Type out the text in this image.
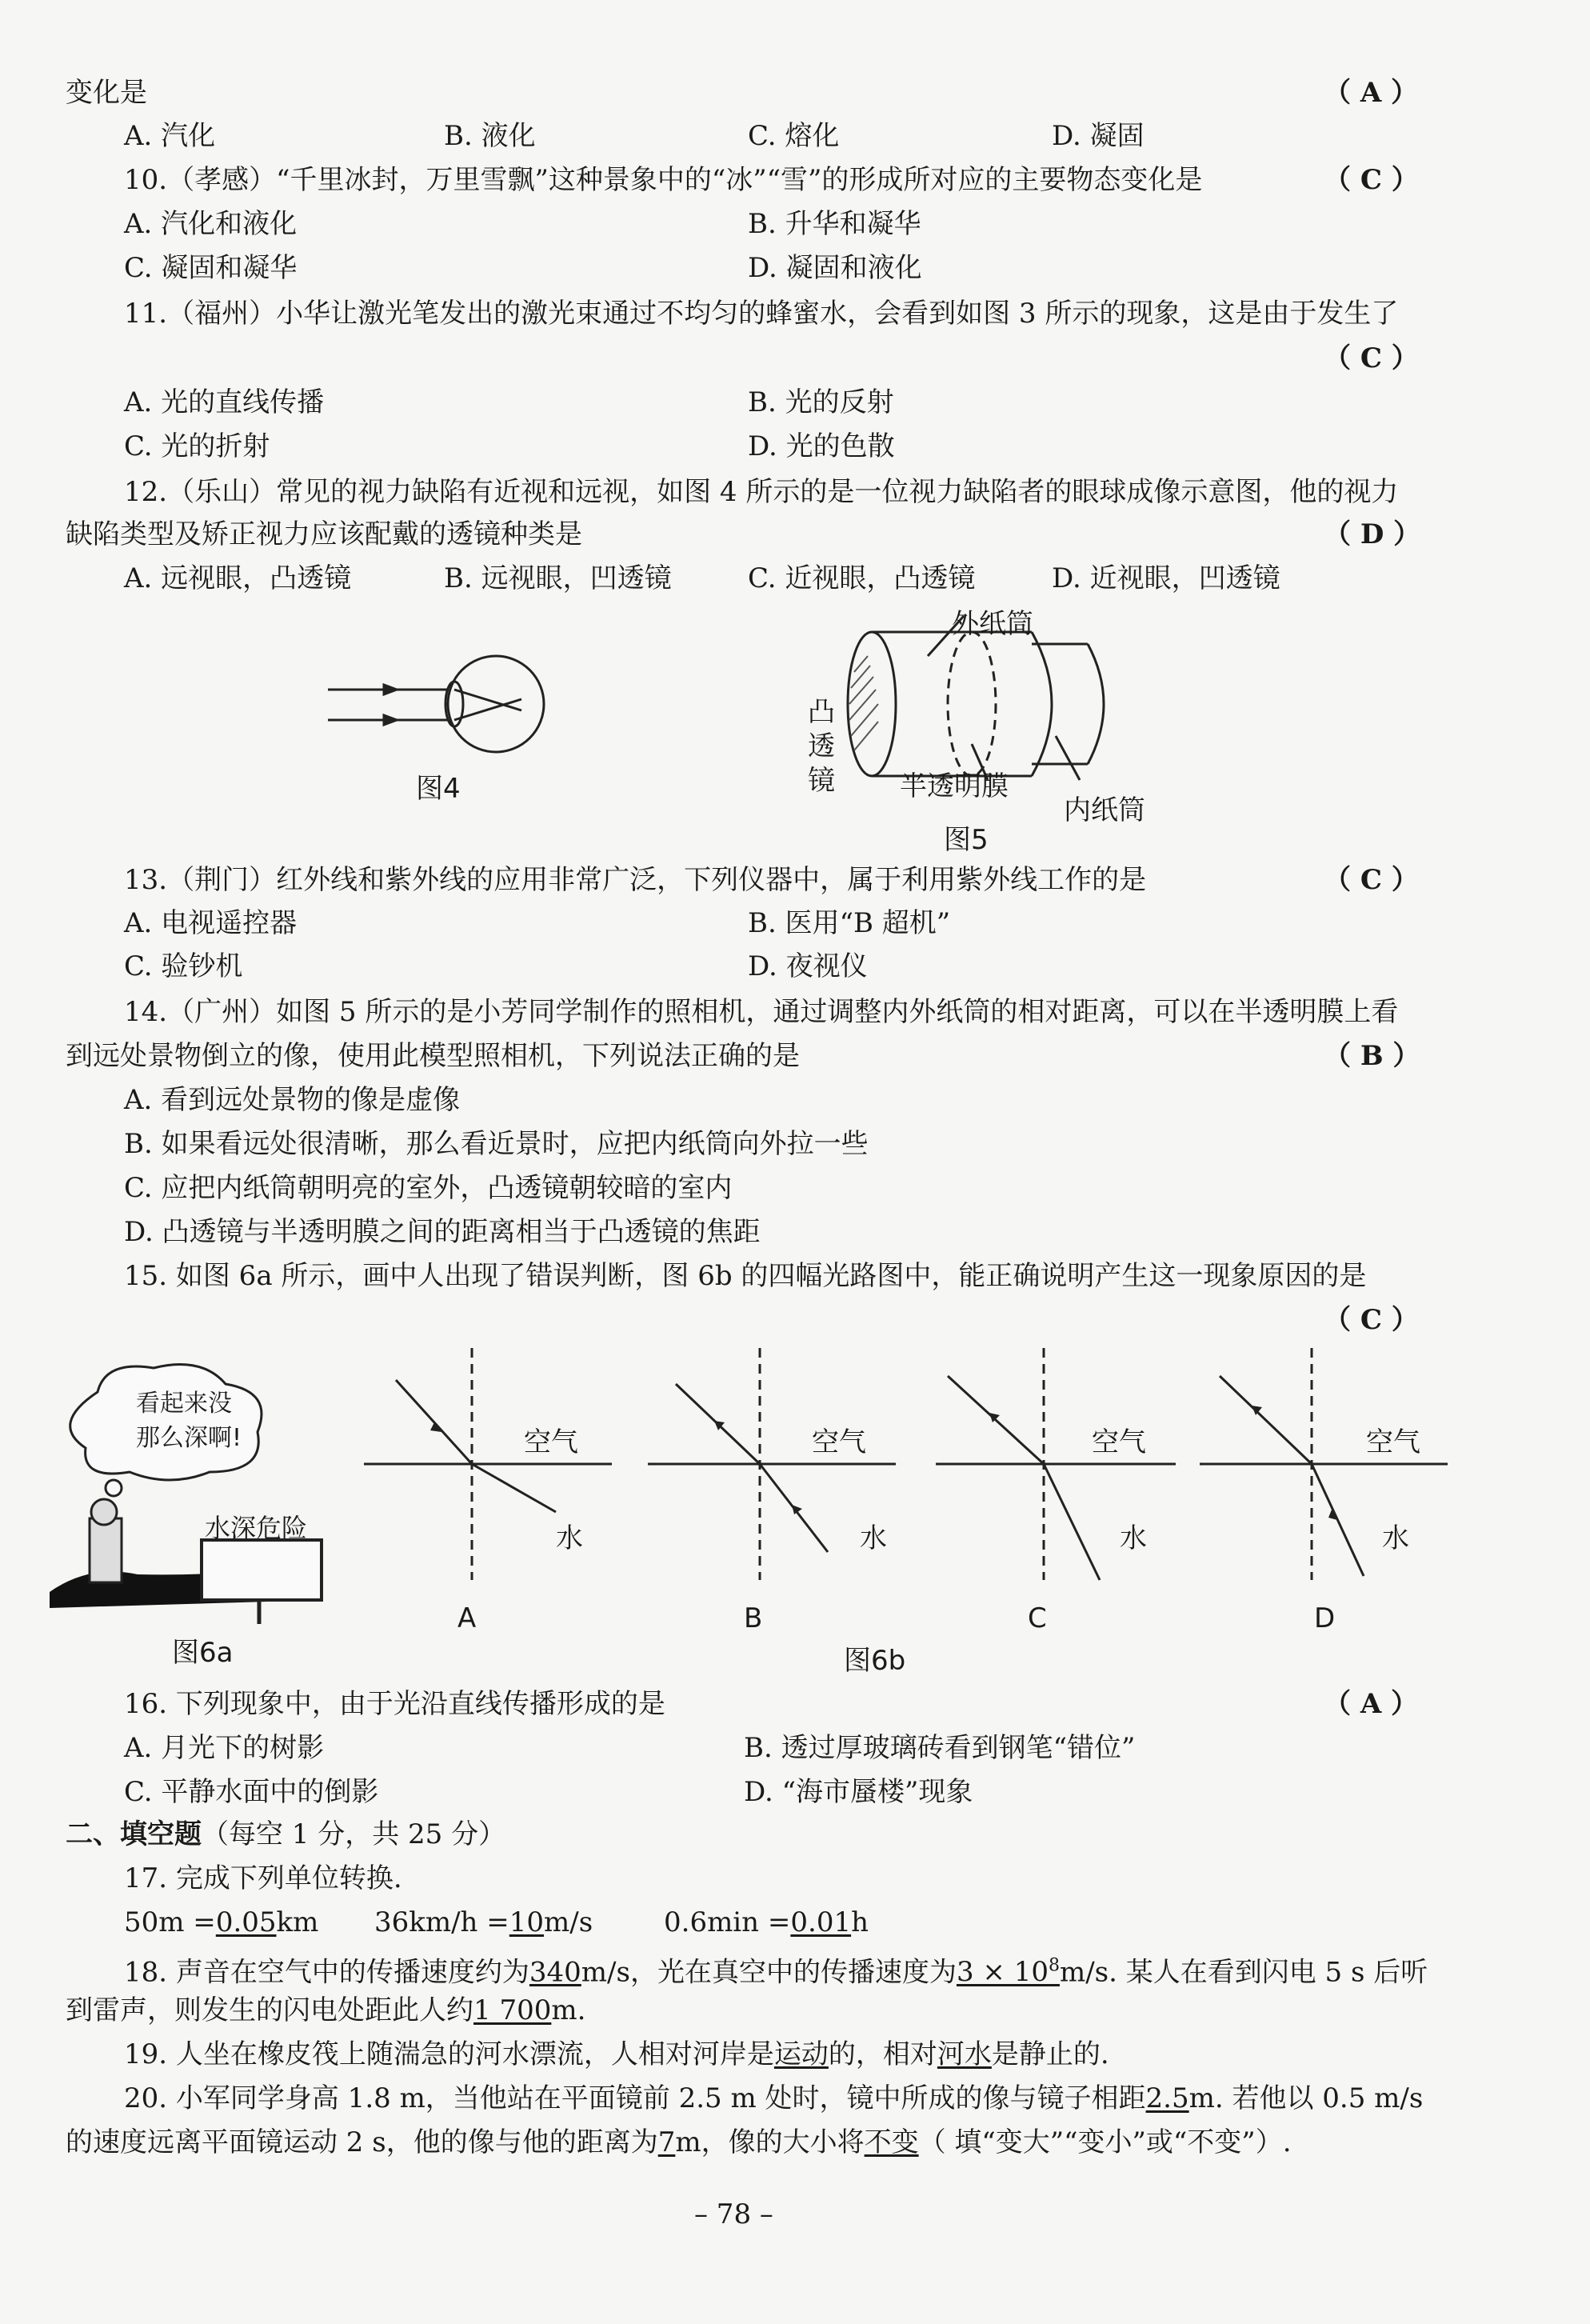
变化是	（ A ）
A. 汽化	B. 液化	C. 熔化	D. 凝固
10.（孝感）“千里冰封，万里雪飘”这种景象中的“冰”“雪”的形成所对应的主要物态变化是	（ C ）
A. 汽化和液化	B. 升华和凝华
C. 凝固和凝华	D. 凝固和液化
11.（福州）小华让激光笔发出的激光束通过不均匀的蜂蜜水，会看到如图 3 所示的现象，这是由于发生了
（ C ）
A. 光的直线传播	B. 光的反射
C. 光的折射	D. 光的色散
12.（乐山）常见的视力缺陷有近视和远视，如图 4 所示的是一位视力缺陷者的眼球成像示意图，他的视力
缺陷类型及矫正视力应该配戴的透镜种类是	（ D ）
A. 远视眼，凸透镜	B. 远视眼，凹透镜	C. 近视眼，凸透镜	D. 近视眼，凹透镜
图4
外纸筒
凸
透
镜 半透明膜
内纸筒
图5
13.（荆门）红外线和紫外线的应用非常广泛，下列仪器中，属于利用紫外线工作的是	（ C ）
A. 电视遥控器	B. 医用“B 超机”
C. 验钞机	D. 夜视仪
14.（广州）如图 5 所示的是小芳同学制作的照相机，通过调整内外纸筒的相对距离，可以在半透明膜上看
到远处景物倒立的像，使用此模型照相机，下列说法正确的是	（ B ）
A. 看到远处景物的像是虚像
B. 如果看远处很清晰，那么看近景时，应把内纸筒向外拉一些
C. 应把内纸筒朝明亮的室外，凸透镜朝较暗的室内
D. 凸透镜与半透明膜之间的距离相当于凸透镜的焦距
15. 如图 6a 所示，画中人出现了错误判断，图 6b 的四幅光路图中，能正确说明产生这一现象原因的是
（ C ）
看起来没
那么深啊!
水深危险
图6a
空气
水
空气
水
空气
水
空气
水
A	B	C	D
图6b
16. 下列现象中，由于光沿直线传播形成的是	（ A ）
A. 月光下的树影	B. 透过厚玻璃砖看到钢笔“错位”
C. 平静水面中的倒影	D. “海市蜃楼”现象
二、填空题（每空 1 分，共 25 分）
17. 完成下列单位转换.
50m =0.05km 36km/h =10m/s	0.6min =0.01h
18. 声音在空气中的传播速度约为340m/s，光在真空中的传播速度为$3 \times 10^8m/s$. 某人在看到闪电 5 s 后听
到雷声，则发生的闪电处距此人约1 700m.
19. 人坐在橡皮筏上随湍急的河水漂流，人相对河岸是运动的，相对河水是静止的.
20. 小军同学身高 1.8 m，当他站在平面镜前 2.5 m 处时，镜中所成的像与镜子相距2.5m. 若他以 0.5 m/s
的速度远离平面镜运动 2 s，他的像与他的距离为7m，像的大小将不变（ 填“变大”“变小”或“不变”）.
– 78 –
